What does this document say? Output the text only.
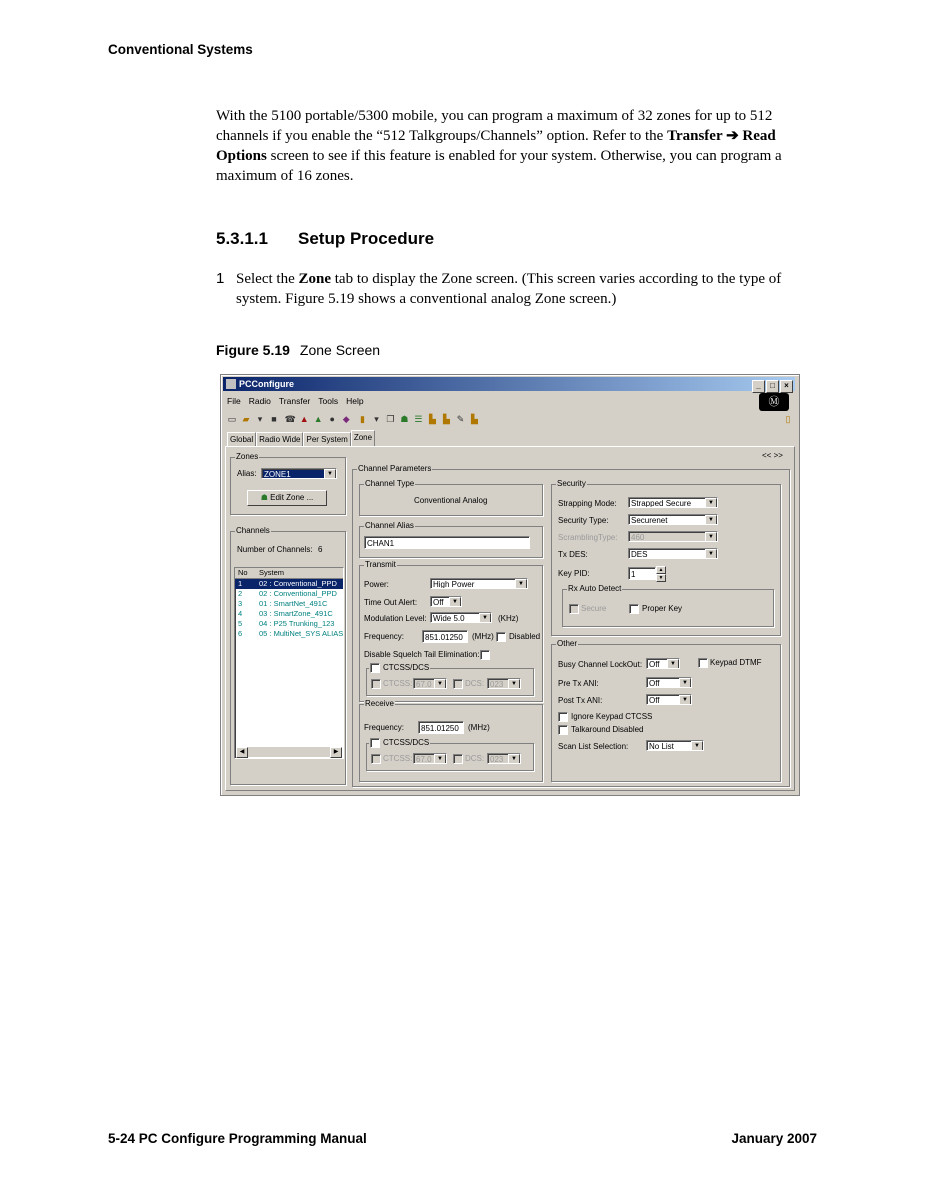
Conventional Systems
With the 5100 portable/5300 mobile, you can program a maximum of 32 zones for up to 512 channels if you enable the “512 Talkgroups/Channels” option. Refer to the Transfer ➔ Read Options screen to see if this feature is enabled for your system. Otherwise, you can program a maximum of 16 zones.
5.3.1.1 Setup Procedure
1 Select the Zone tab to display the Zone screen. (This screen varies according to the type of system. Figure 5.19 shows a conventional analog Zone screen.)
Figure 5.19 Zone Screen
PCConfigure	_ □ ×
File Radio Transfer Tools Help	Ⓜ
▭ ▰ ▾ ■ ☎ ▲ ▲ ● ◆ ▮ ▾ ❐ ☗ ☰ ▙ ▙ ✎ ▙	▯
Global Radio Wide Per System Zone
<< >>
Zones
Alias: ZONE1	▼
☗ Edit Zone ...
Channels
Number of Channels: 6
No System
1 02 : Conventional_PPD
2 02 : Conventional_PPD
3 01 : SmartNet_491C
4 03 : SmartZone_491C
5 04 : P25 Trunking_123
6 05 : MultiNet_SYS ALIAS
◀	▶
Channel Parameters
Channel Type
Conventional Analog
Channel Alias
CHAN1
Transmit
Power:	High Power	▼
Time Out Alert:	Off	▼
Modulation Level: Wide 5.0	▼	(KHz)
Frequency:	851.01250	(MHz) Disabled
Disable Squelch Tail Elimination:
CTCSS/DCS
CTCSS: 67.0 ▼	DCS: 023	▼
Receive
Frequency:	851.01250	(MHz)
CTCSS/DCS
CTCSS: 67.0 ▼	DCS: 023	▼
Security
Strapping Mode:	Strapped Secure	▼
Security Type:	Securenet	▼
ScramblingType:	460	▼
Tx DES:	DES	▼
Key PID:	1	▲
▼
Rx Auto Detect
Secure	Proper Key
Other
Busy Channel LockOut: Off	▼	Keypad DTMF
Pre Tx ANI:	Off	▼
Post Tx ANI:	Off	▼
Ignore Keypad CTCSS
Talkaround Disabled
Scan List Selection:	No List	▼
5-24 PC Configure Programming Manual	January 2007
